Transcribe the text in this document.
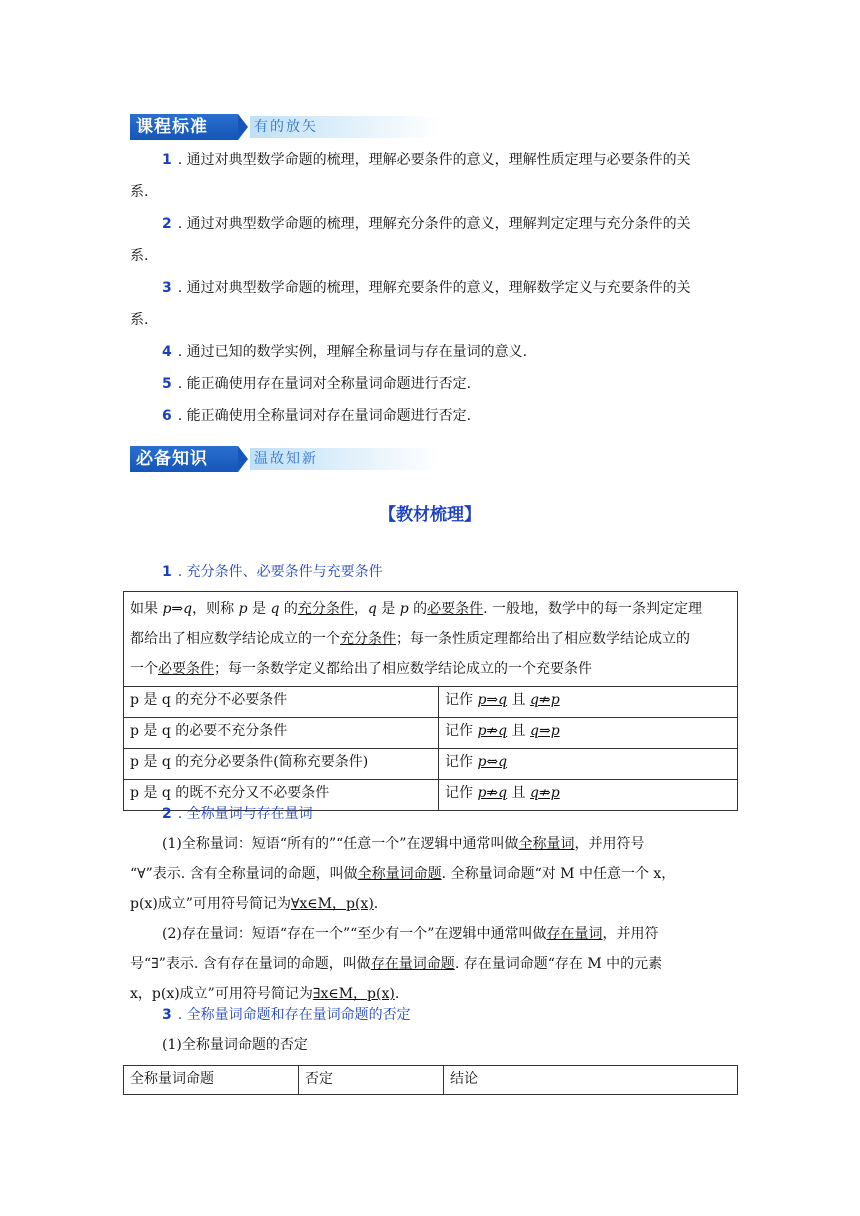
课程标准	有的放矢
1 . 通过对典型数学命题的梳理，理解必要条件的意义，理解性质定理与必要条件的关
系.
2 . 通过对典型数学命题的梳理，理解充分条件的意义，理解判定定理与充分条件的关
系.
3 . 通过对典型数学命题的梳理，理解充要条件的意义，理解数学定义与充要条件的关
系.
4 . 通过已知的数学实例，理解全称量词与存在量词的意义.
5 . 能正确使用存在量词对全称量词命题进行否定.
6 . 能正确使用全称量词对存在量词命题进行否定.
必备知识	温故知新
【教材梳理】
1 . 充分条件、必要条件与充要条件
如果 p⇒q，则称 p 是 q 的充分条件，q 是 p 的必要条件. 一般地，数学中的每一条判定定理
都给出了相应数学结论成立的一个充分条件；每一条性质定理都给出了相应数学结论成立的
一个必要条件；每一条数学定义都给出了相应数学结论成立的一个充要条件	
p 是 q 的充分不必要条件	记作 p⇒q 且 q⇏p
p 是 q 的必要不充分条件	记作 p⇏q 且 q⇒p
p 是 q 的充分必要条件(简称充要条件)	记作 p⇔q
p 是 q 的既不充分又不必要条件	记作 p⇏q 且 q⇏p
2 . 全称量词与存在量词
(1)全称量词：短语“所有的”“任意一个”在逻辑中通常叫做全称量词，并用符号
“∀”表示. 含有全称量词的命题，叫做全称量词命题. 全称量词命题“对 M 中任意一个 x，
p(x)成立”可用符号简记为∀x∈M，p(x).
(2)存在量词：短语“存在一个”“至少有一个”在逻辑中通常叫做存在量词，并用符
号“∃”表示. 含有存在量词的命题，叫做存在量词命题. 存在量词命题“存在 M 中的元素
x，p(x)成立”可用符号简记为∃x∈M，p(x).
3 . 全称量词命题和存在量词命题的否定
(1)全称量词命题的否定
全称量词命题	否定	结论
